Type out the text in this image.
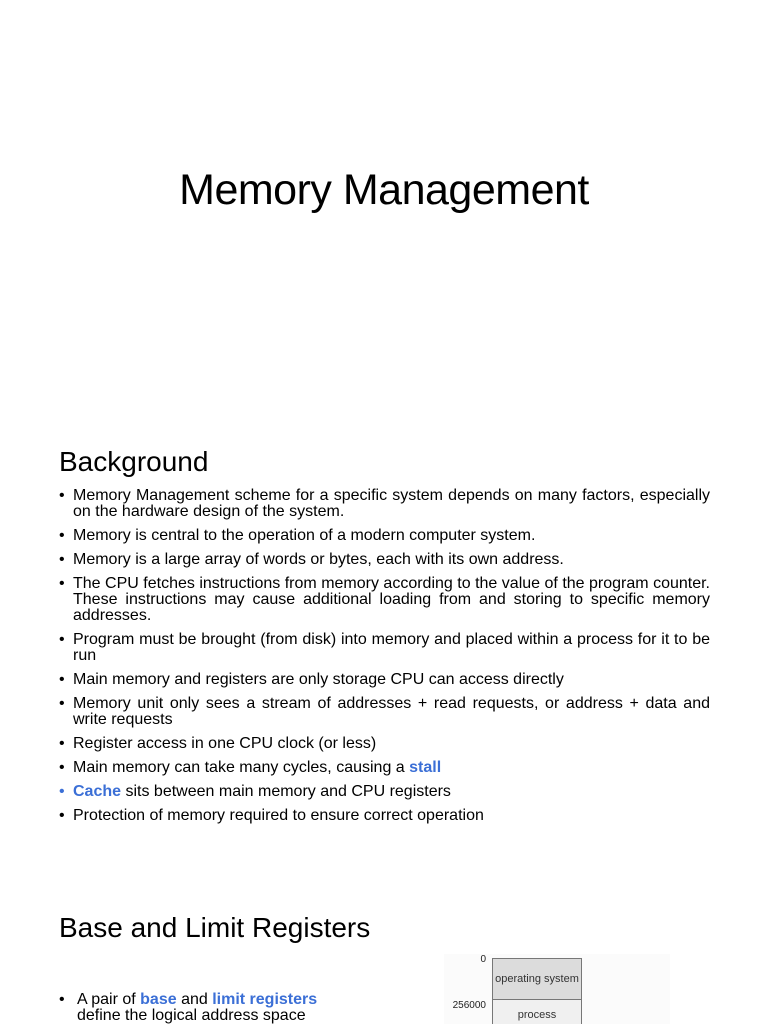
Memory Management
Background
• Memory Management scheme for a specific system depends on many factors, especially on the hardware design of the system.
• Memory is central to the operation of a modern computer system.
• Memory is a large array of words or bytes, each with its own address.
• The CPU fetches instructions from memory according to the value of the program counter. These instructions may cause additional loading from and storing to specific memory addresses.
• Program must be brought (from disk) into memory and placed within a process for it to be run
• Main memory and registers are only storage CPU can access directly
• Memory unit only sees a stream of addresses + read requests, or address + data and write requests
• Register access in one CPU clock (or less)
• Main memory can take many cycles, causing a stall
• Cache sits between main memory and CPU registers
• Protection of memory required to ensure correct operation
Base and Limit Registers
• A pair of base and limit registers
define the logical address space
0
256000
operating system
process
